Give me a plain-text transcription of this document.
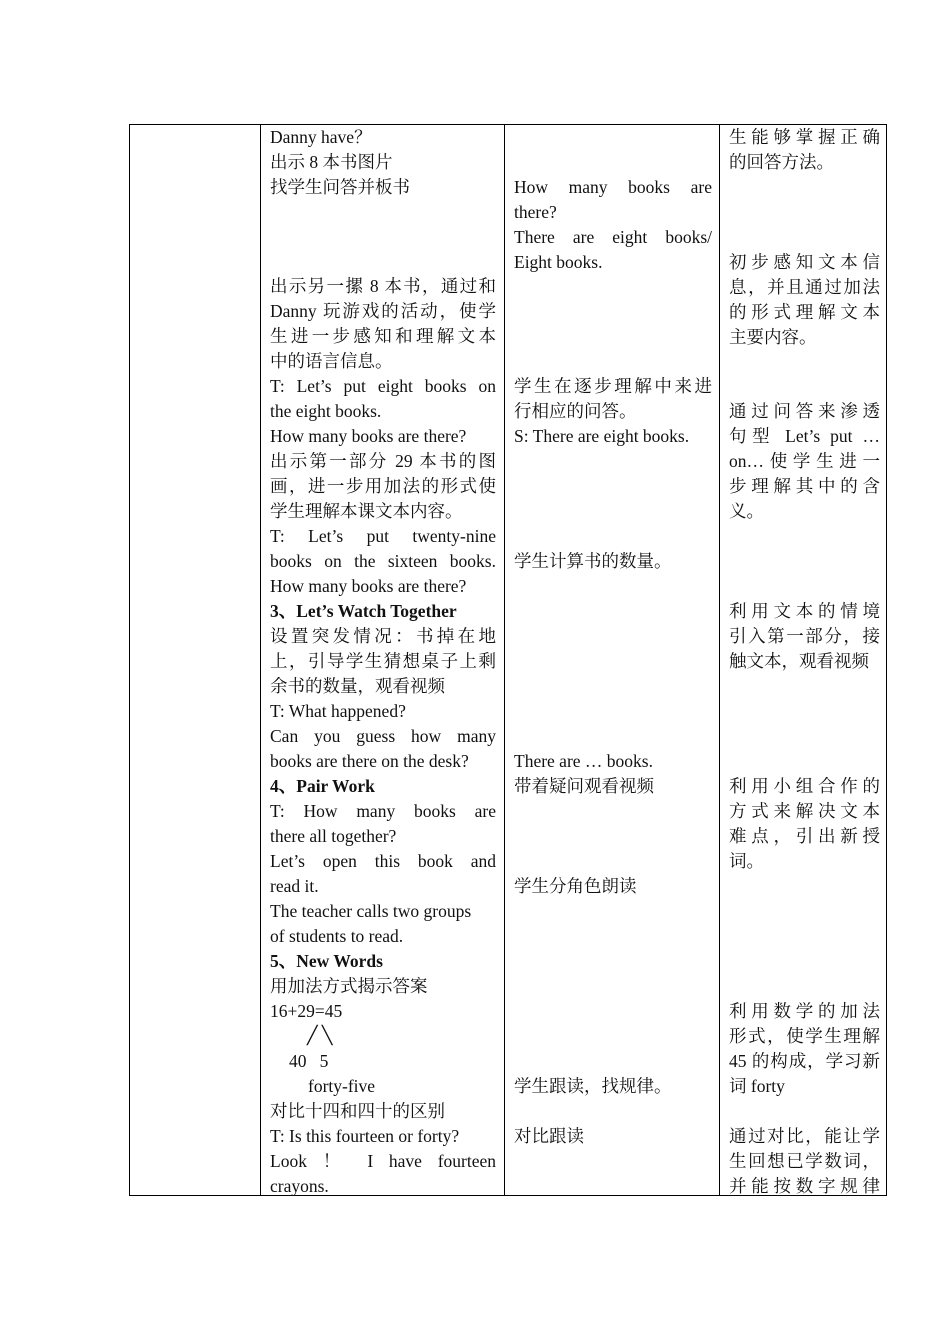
Danny have？
出示 8 本书图片
找学生问答并板书
出示另一摞 8 本书，通过和
Danny 玩游戏的活动，使学
生进一步感知和理解文本
中的语言信息。
T: Let’s put eight books on
the eight books.
How many books are there?
出示第一部分 29 本书的图
画，进一步用加法的形式使
学生理解本课文本内容。
T: Let’s put twenty-nine
books on the sixteen books.
How many books are there?
3、Let’s Watch Together
设置突发情况：书掉在地
上，引导学生猜想桌子上剩
余书的数量，观看视频
T: What happened?
Can you guess how many
books are there on the desk?
4、Pair Work
T: How many books are
there all together?
Let’s open this book and
read it.
The teacher calls two groups
of students to read.
5、New Words
用加法方式揭示答案
16+29=45
╱ ╲
40   5
forty-five
对比十四和四十的区别
T: Is this fourteen or forty?
Look ！ I have fourteen
crayons.
How many books are
there?
There are eight books/
Eight books.
学生在逐步理解中来进
行相应的问答。
S: There are eight books.
学生计算书的数量。
There are … books.
带着疑问观看视频
学生分角色朗读
学生跟读，找规律。
对比跟读
生能够掌握正确
的回答方法。
初步感知文本信
息，并且通过加法
的形式理解文本
主要内容。
通过问答来渗透
句型 Let’s put …
on…使学生进一
步理解其中的含
义。
利用文本的情境
引入第一部分，接
触文本，观看视频
利用小组合作的
方式来解决文本
难点，引出新授
词。
利用数学的加法
形式，使学生理解
45 的构成，学习新
词 forty
通过对比，能让学
生回想已学数词，
并能按数字规律
